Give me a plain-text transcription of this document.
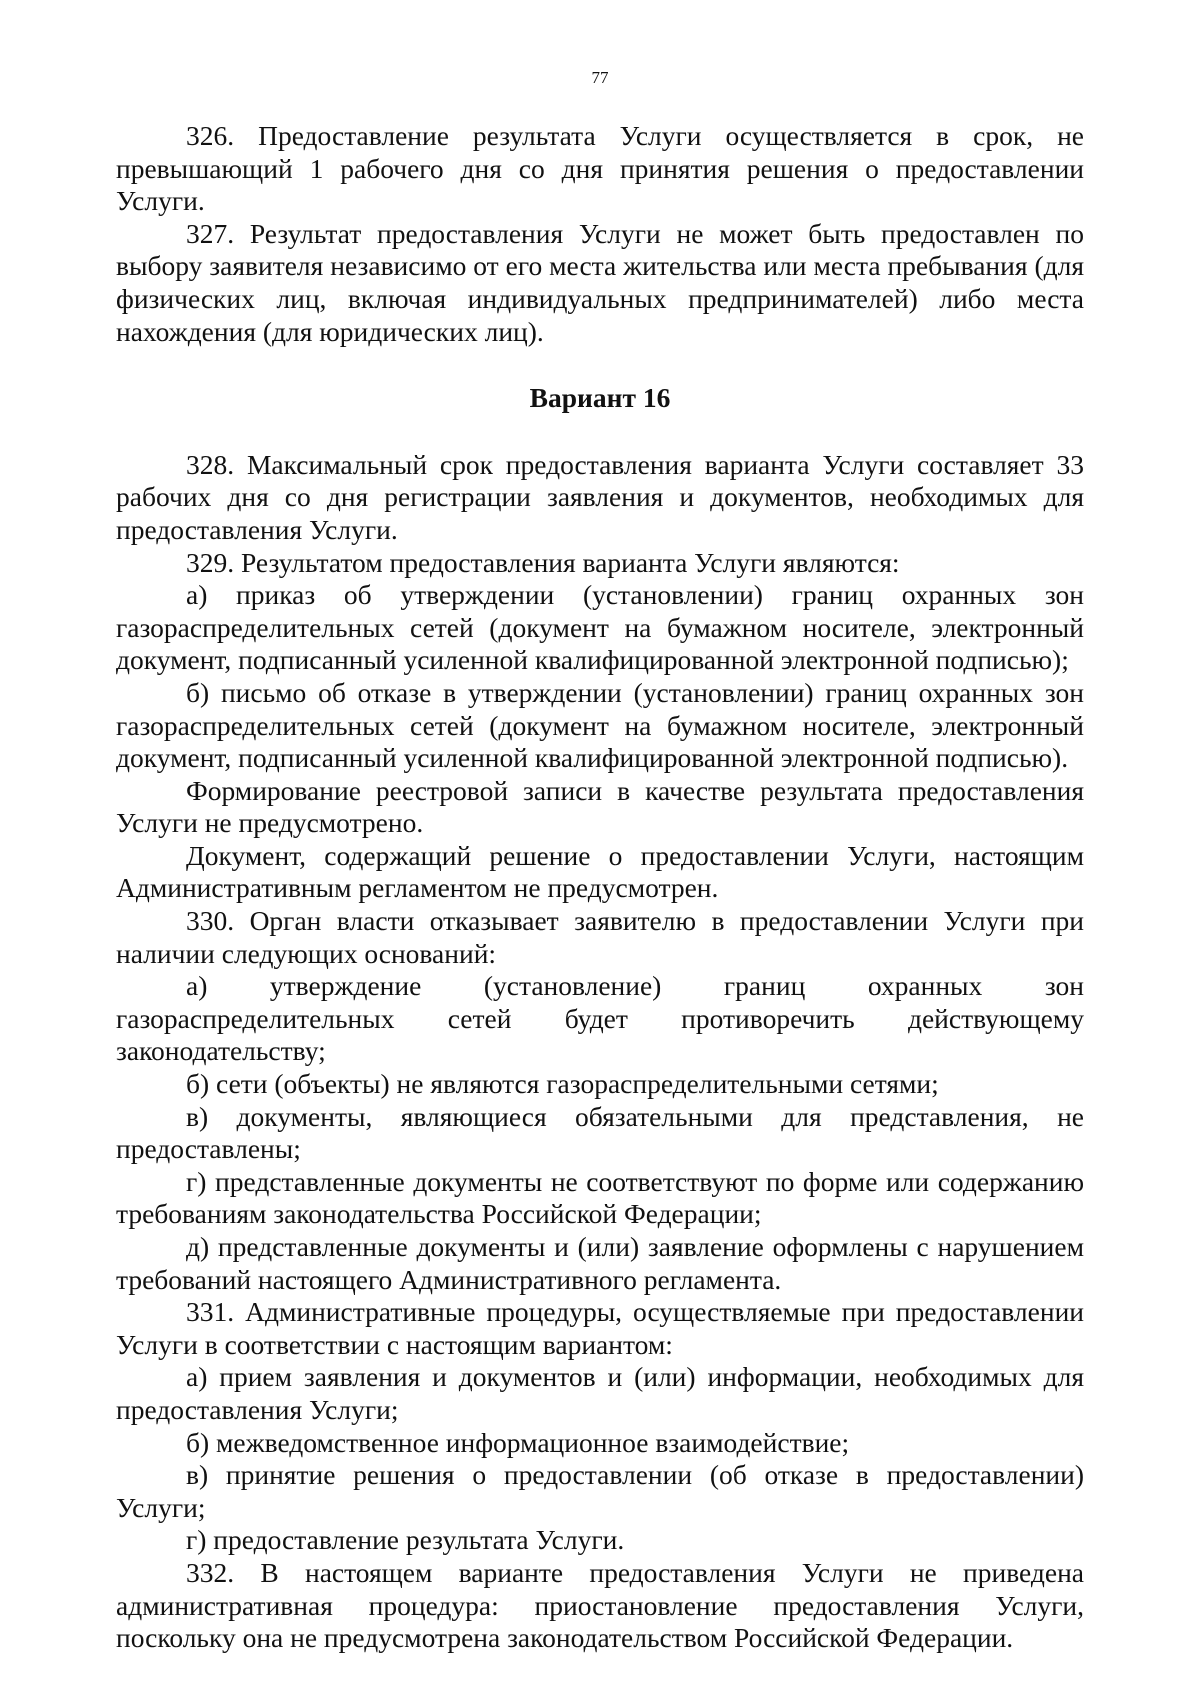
77

326. Предоставление результата Услуги осуществляется в срок, не превышающий 1 рабочего дня со дня принятия решения о предоставлении Услуги.

327. Результат предоставления Услуги не может быть предоставлен по выбору заявителя независимо от его места жительства или места пребывания (для физических лиц, включая индивидуальных предпринимателей) либо места нахождения (для юридических лиц).

Вариант 16

328. Максимальный срок предоставления варианта Услуги составляет 33 рабочих дня со дня регистрации заявления и документов, необходимых для предоставления Услуги.

329. Результатом предоставления варианта Услуги являются:

а) приказ об утверждении (установлении) границ охранных зон газораспределительных сетей (документ на бумажном носителе, электронный документ, подписанный усиленной квалифицированной электронной подписью);

б) письмо об отказе в утверждении (установлении) границ охранных зон газораспределительных сетей (документ на бумажном носителе, электронный документ, подписанный усиленной квалифицированной электронной подписью).

Формирование реестровой записи в качестве результата предоставления Услуги не предусмотрено.

Документ, содержащий решение о предоставлении Услуги, настоящим Административным регламентом не предусмотрен.

330. Орган власти отказывает заявителю в предоставлении Услуги при наличии следующих оснований:

а) утверждение (установление) границ охранных зон газораспределительных сетей будет противоречить действующему законодательству;

б) сети (объекты) не являются газораспределительными сетями;

в) документы, являющиеся обязательными для представления, не предоставлены;

г) представленные документы не соответствуют по форме или содержанию требованиям законодательства Российской Федерации;

д) представленные документы и (или) заявление оформлены с нарушением требований настоящего Административного регламента.

331. Административные процедуры, осуществляемые при предоставлении Услуги в соответствии с настоящим вариантом:

а) прием заявления и документов и (или) информации, необходимых для предоставления Услуги;

б) межведомственное информационное взаимодействие;

в) принятие решения о предоставлении (об отказе в предоставлении) Услуги;

г) предоставление результата Услуги.

332. В настоящем варианте предоставления Услуги не приведена административная процедура: приостановление предоставления Услуги, поскольку она не предусмотрена законодательством Российской Федерации.
